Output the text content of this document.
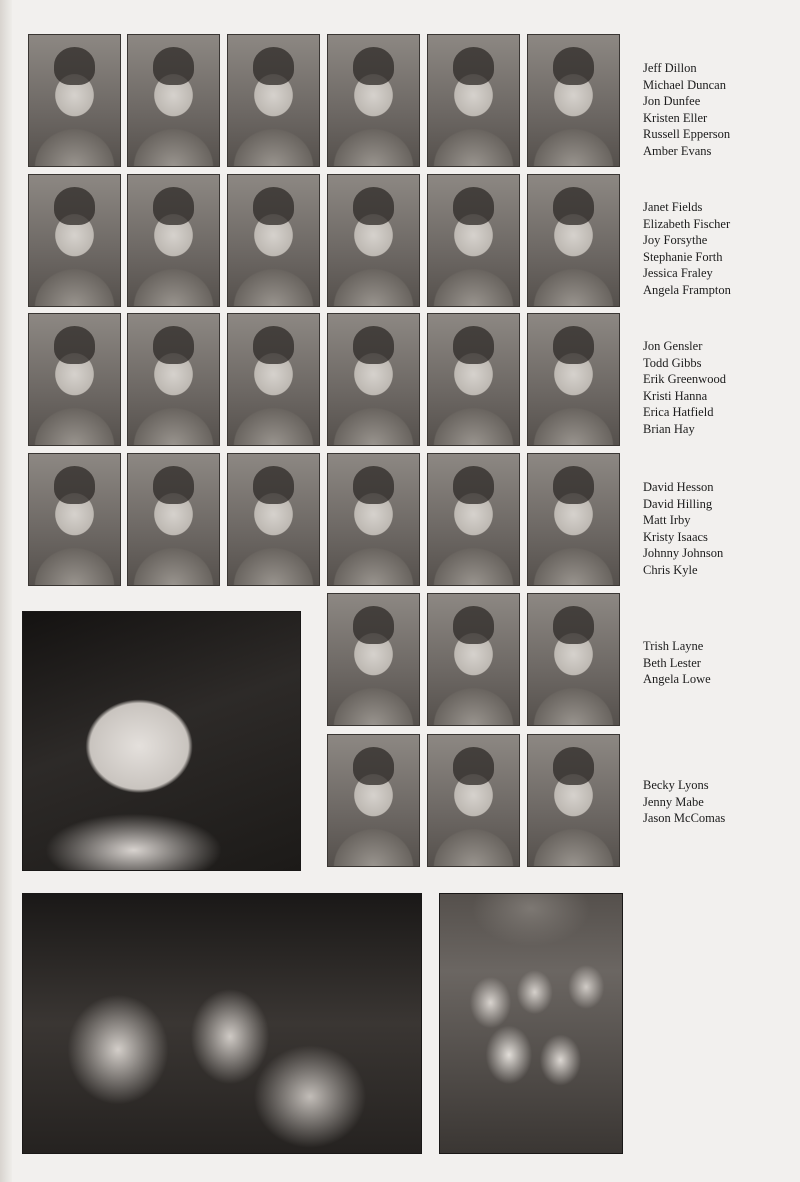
Jeff Dillon
Michael Duncan
Jon Dunfee
Kristen Eller
Russell Epperson
Amber Evans
Janet Fields
Elizabeth Fischer
Joy Forsythe
Stephanie Forth
Jessica Fraley
Angela Frampton
Jon Gensler
Todd Gibbs
Erik Greenwood
Kristi Hanna
Erica Hatfield
Brian Hay
David Hesson
David Hilling
Matt Irby
Kristy Isaacs
Johnny Johnson
Chris Kyle
Trish Layne
Beth Lester
Angela Lowe
Becky Lyons
Jenny Mabe
Jason McComas
